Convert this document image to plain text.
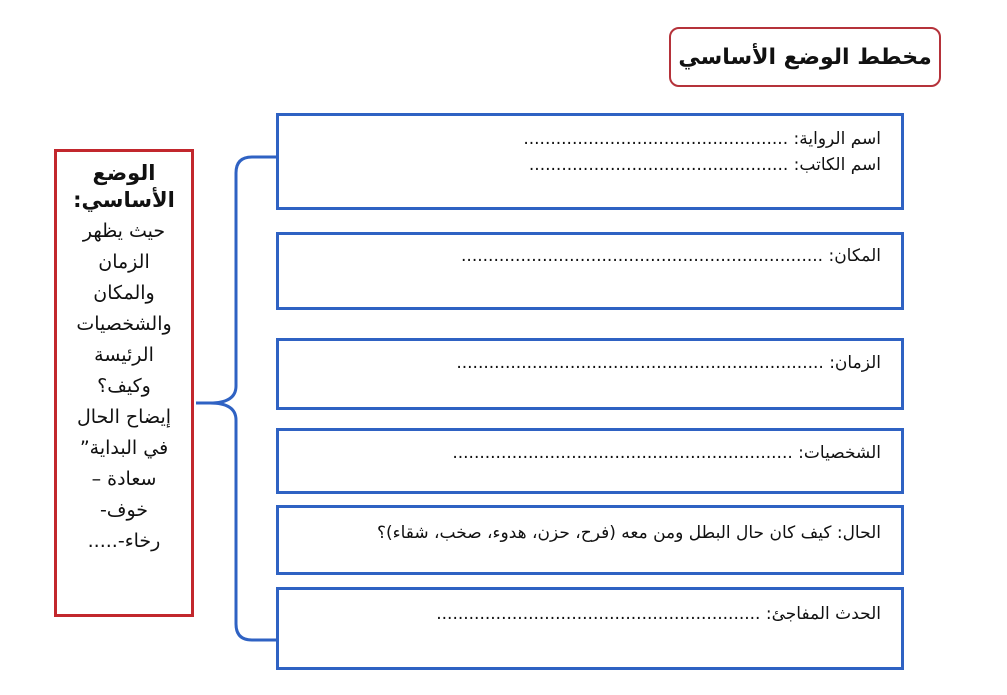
مخطط الوضع الأساسي
الوضع
الأساسي:
حيث يظهر
الزمان
والمكان
والشخصيات
الرئيسة
وكيف؟
إيضاح الحال
في البداية”
سعادة –
خوف-
رخاء-.....
اسم الرواية: .................................................
اسم الكاتب: ................................................
المكان: ...................................................................
الزمان: ....................................................................
الشخصيات: ...............................................................
الحال: كيف كان حال البطل ومن معه (فرح، حزن، هدوء، صخب، شقاء)؟
الحدث المفاجئ: ............................................................
